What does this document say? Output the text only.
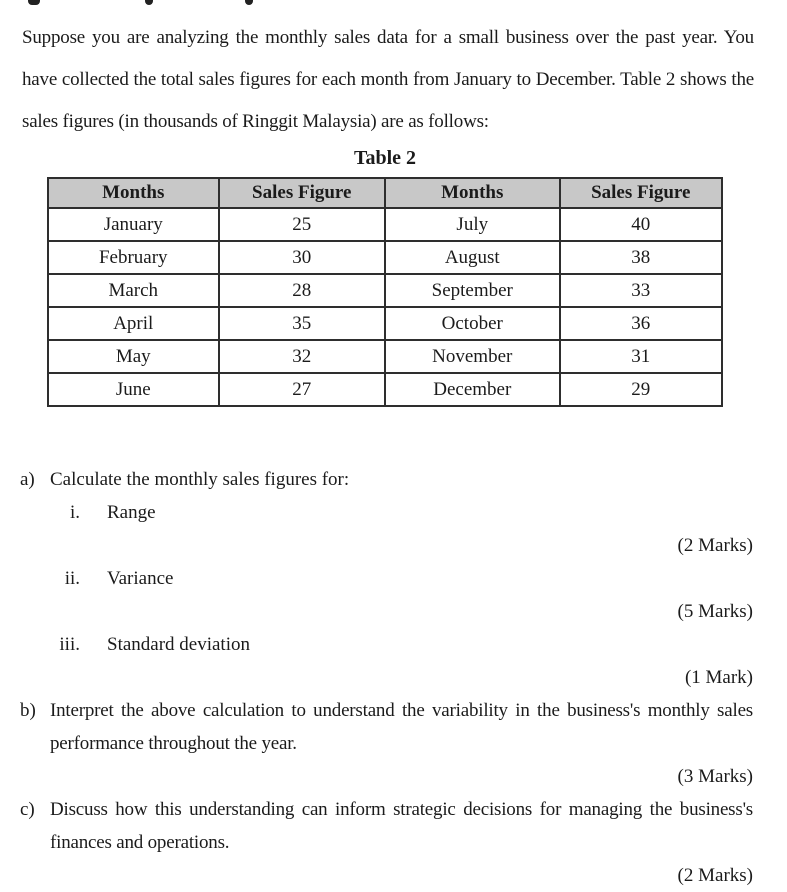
Suppose you are analyzing the monthly sales data for a small business over the past year. You have collected the total sales figures for each month from January to December. Table 2 shows the sales figures (in thousands of Ringgit Malaysia) are as follows:

Table 2
Months	Sales Figure	Months	Sales Figure
January	25	July	40
February	30	August	38
March	28	September	33
April	35	October	36
May	32	November	31
June	27	December	29
a) Calculate the monthly sales figures for:
i. Range
(2 Marks)
ii. Variance
(5 Marks)
iii. Standard deviation
(1 Mark)
b) Interpret the above calculation to understand the variability in the business's monthly sales performance throughout the year.
(3 Marks)
c) Discuss how this understanding can inform strategic decisions for managing the business's finances and operations.
(2 Marks)
